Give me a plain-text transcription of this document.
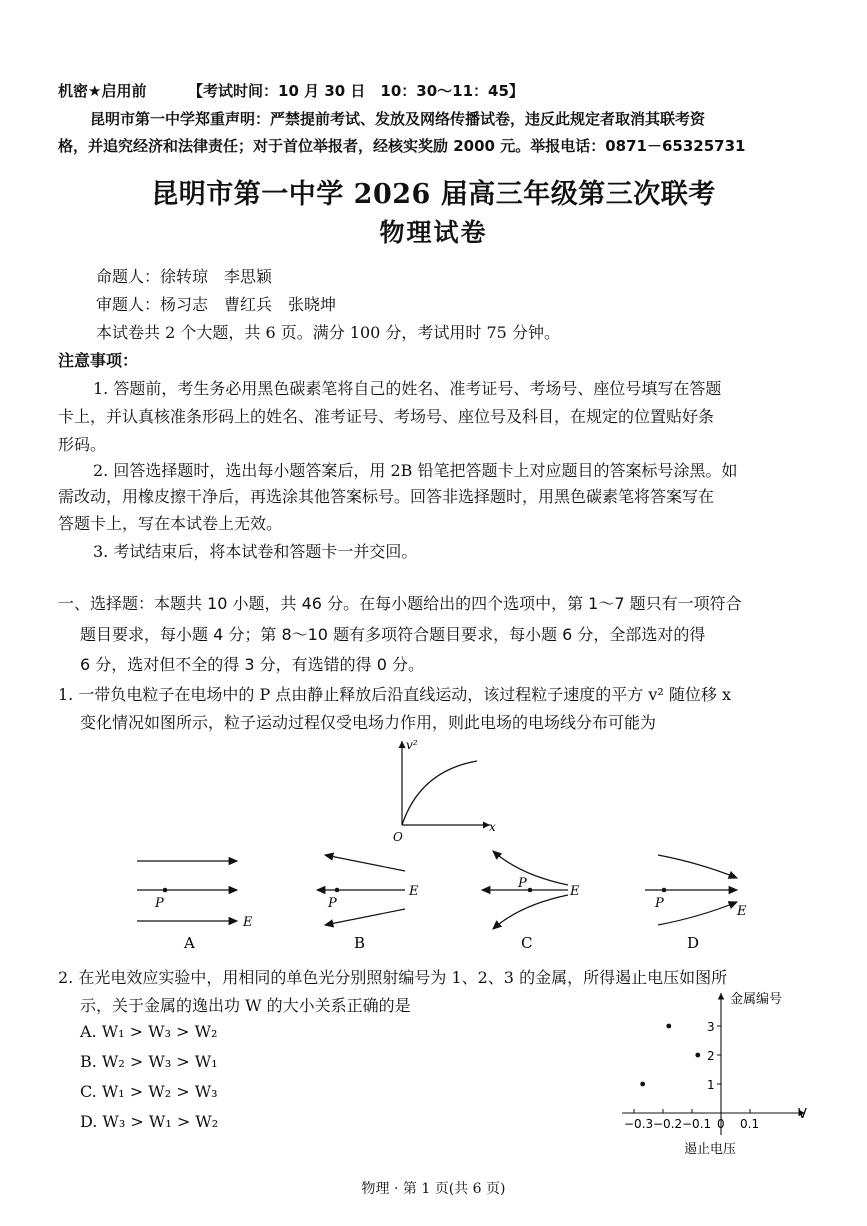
机密★启用前	【考试时间：10 月 30 日　10：30～11：45】
昆明市第一中学郑重声明：严禁提前考试、发放及网络传播试卷，违反此规定者取消其联考资
格，并追究经济和法律责任；对于首位举报者，经核实奖励 2000 元。举报电话：0871－65325731
昆明市第一中学 2026 届高三年级第三次联考
物理试卷
命题人：徐转琼　李思颖
审题人：杨习志　曹红兵　张晓坤
本试卷共 2 个大题，共 6 页。满分 100 分，考试用时 75 分钟。
注意事项：
1. 答题前，考生务必用黑色碳素笔将自己的姓名、准考证号、考场号、座位号填写在答题
卡上，并认真核准条形码上的姓名、准考证号、考场号、座位号及科目，在规定的位置贴好条
形码。
2. 回答选择题时，选出每小题答案后，用 2B 铅笔把答题卡上对应题目的答案标号涂黑。如
需改动，用橡皮擦干净后，再选涂其他答案标号。回答非选择题时，用黑色碳素笔将答案写在
答题卡上，写在本试卷上无效。
3. 考试结束后，将本试卷和答题卡一并交回。
一、选择题：本题共 10 小题，共 46 分。在每小题给出的四个选项中，第 1～7 题只有一项符合
题目要求，每小题 4 分；第 8～10 题有多项符合题目要求，每小题 6 分，全部选对的得
6 分，选对但不全的得 3 分，有选错的得 0 分。
1. 一带负电粒子在电场中的 P 点由静止释放后沿直线运动，该过程粒子速度的平方 v² 随位移 x
变化情况如图所示，粒子运动过程仅受电场力作用，则此电场的电场线分布可能为
v²
x
O
P
E
A
P
E
B
P
E
C
P
E
D
2. 在光电效应实验中，用相同的单色光分别照射编号为 1、2、3 的金属，所得遏止电压如图所
示，关于金属的逸出功 W 的大小关系正确的是
A. W₁ > W₃ > W₂
B. W₂ > W₃ > W₁
C. W₁ > W₂ > W₃
D. W₃ > W₁ > W₂
金属编号
V
遏止电压
−0.3 −0.2 −0.1 0 0.1
1
2
3
物理 · 第 1 页(共 6 页)
